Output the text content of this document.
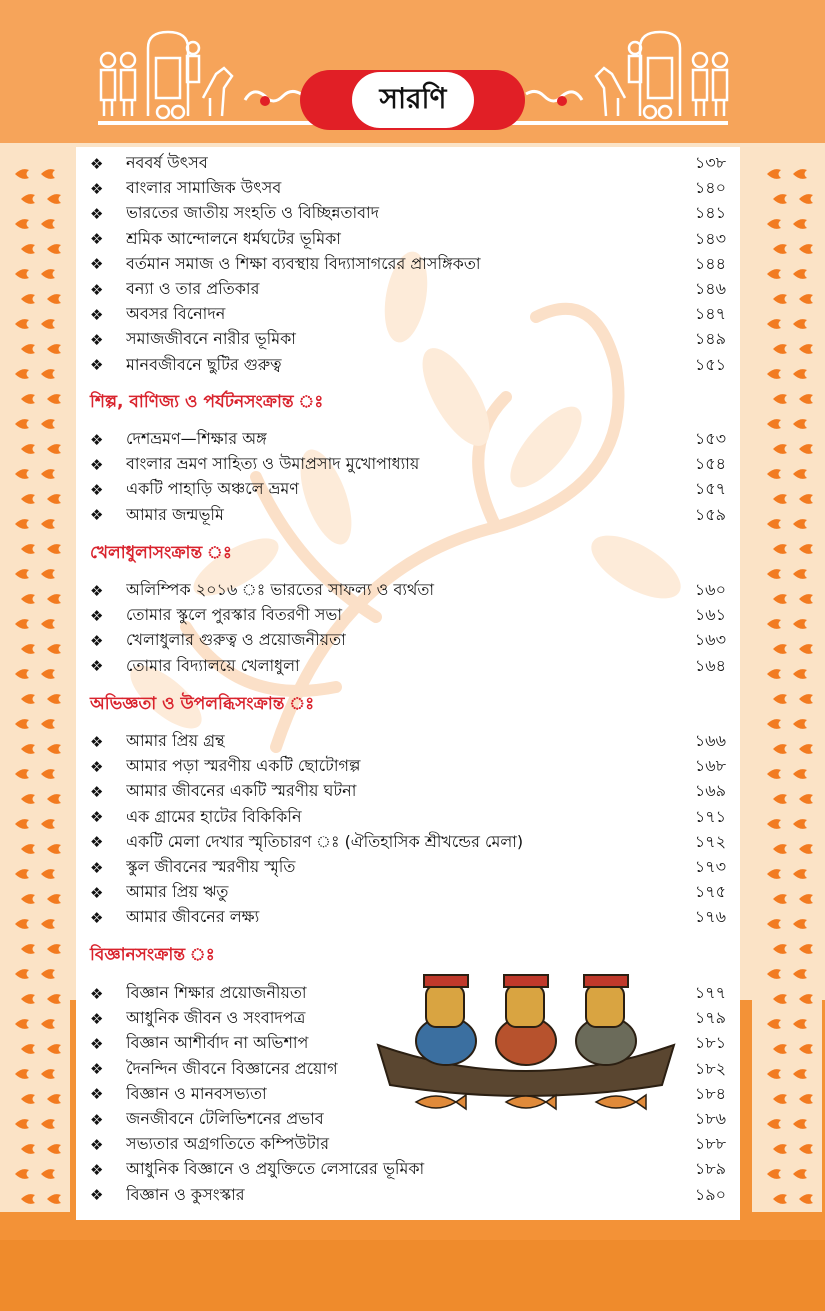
সারণি
❖	নববর্ষ উৎসব	১৩৮
❖	বাংলার সামাজিক উৎসব	১৪০
❖	ভারতের জাতীয় সংহতি ও বিচ্ছিন্নতাবাদ	১৪১
❖	শ্রমিক আন্দোলনে ধর্মঘটের ভূমিকা	১৪৩
❖	বর্তমান সমাজ ও শিক্ষা ব্যবস্থায় বিদ্যাসাগরের প্রাসঙ্গিকতা	১৪৪
❖	বন্যা ও তার প্রতিকার	১৪৬
❖	অবসর বিনোদন	১৪৭
❖	সমাজজীবনে নারীর ভূমিকা	১৪৯
❖	মানবজীবনে ছুটির গুরুত্ব	১৫১
শিল্প, বাণিজ্য ও পর্যটনসংক্রান্ত ঃ
❖	দেশভ্রমণ—শিক্ষার অঙ্গ	১৫৩
❖	বাংলার ভ্রমণ সাহিত্য ও উমাপ্রসাদ মুখোপাধ্যায়	১৫৪
❖	একটি পাহাড়ি অঞ্চলে ভ্রমণ	১৫৭
❖	আমার জন্মভূমি	১৫৯
খেলাধুলাসংক্রান্ত ঃ
❖	অলিম্পিক ২০১৬ ঃ ভারতের সাফল্য ও ব্যর্থতা	১৬০
❖	তোমার স্কুলে পুরস্কার বিতরণী সভা	১৬১
❖	খেলাধুলার গুরুত্ব ও প্রয়োজনীয়তা	১৬৩
❖	তোমার বিদ্যালয়ে খেলাধুলা	১৬৪
অভিজ্ঞতা ও উপলব্ধিসংক্রান্ত ঃ
❖	আমার প্রিয় গ্রন্থ	১৬৬
❖	আমার পড়া স্মরণীয় একটি ছোটোগল্প	১৬৮
❖	আমার জীবনের একটি স্মরণীয় ঘটনা	১৬৯
❖	এক গ্রামের হাটের বিকিকিনি	১৭১
❖	একটি মেলা দেখার স্মৃতিচারণ ঃ (ঐতিহাসিক শ্রীখন্ডের মেলা)	১৭২
❖	স্কুল জীবনের স্মরণীয় স্মৃতি	১৭৩
❖	আমার প্রিয় ঋতু	১৭৫
❖	আমার জীবনের লক্ষ্য	১৭৬
বিজ্ঞানসংক্রান্ত ঃ
❖	বিজ্ঞান শিক্ষার প্রয়োজনীয়তা	১৭৭
❖	আধুনিক জীবন ও সংবাদপত্র	১৭৯
❖	বিজ্ঞান আশীর্বাদ না অভিশাপ	১৮১
❖	দৈনন্দিন জীবনে বিজ্ঞানের প্রয়োগ	১৮২
❖	বিজ্ঞান ও মানবসভ্যতা	১৮৪
❖	জনজীবনে টেলিভিশনের প্রভাব	১৮৬
❖	সভ্যতার অগ্রগতিতে কম্পিউটার	১৮৮
❖	আধুনিক বিজ্ঞানে ও প্রযুক্তিতে লেসারের ভূমিকা	১৮৯
❖	বিজ্ঞান ও কুসংস্কার	১৯০
